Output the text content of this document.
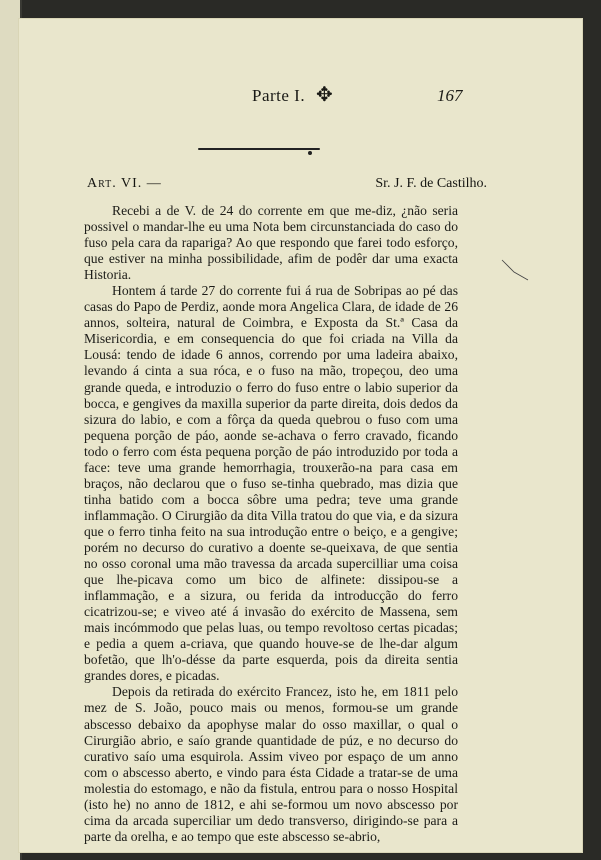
Parte I. ✥	167
Art. VI. —	Sr. J. F. de Castilho.

Recebi a de V. de 24 do corrente em que me-diz, ¿não seria possivel o mandar-lhe eu uma Nota bem circunstanciada do caso do fuso pela cara da rapariga? Ao que respondo que farei todo esforço, que estiver na minha possibilidade, afim de podêr dar uma exacta Historia.

Hontem á tarde 27 do corrente fui á rua de Sobripas ao pé das casas do Papo de Perdiz, aonde mora Angelica Clara, de idade de 26 annos, solteira, natural de Coimbra, e Exposta da St.ª Casa da Misericordia, e em consequencia do que foi criada na Villa da Lousá: tendo de idade 6 annos, correndo por uma ladeira abaixo, levando á cinta a sua róca, e o fuso na mão, tropeçou, deo uma grande queda, e introduzio o ferro do fuso entre o labio superior da bocca, e gengives da maxilla superior da parte direita, dois dedos da sizura do labio, e com a fôrça da queda quebrou o fuso com uma pequena porção de páo, aonde se-achava o ferro cravado, ficando todo o ferro com ésta pequena porção de páo introduzido por toda a face: teve uma grande hemorrhagia, trouxerão-na para casa em braços, não declarou que o fuso se-tinha quebrado, mas dizia que tinha batido com a bocca sôbre uma pedra; teve uma grande inflammação. O Cirurgião da dita Villa tratou do que via, e da sizura que o ferro tinha feito na sua introdução entre o beiço, e a gengive; porém no decurso do curativo a doente se-queixava, de que sentia no osso coronal uma mão travessa da arcada supercilliar uma coisa que lhe-picava como um bico de alfinete: dissipou-se a inflammação, e a sizura, ou ferida da introducção do ferro cicatrizou-se; e viveo até á invasão do exército de Massena, sem mais incómmodo que pelas luas, ou tempo revoltoso certas picadas; e pedia a quem a-criava, que quando houve-se de lhe-dar algum bofetão, que lh'o-désse da parte esquerda, pois da direita sentia grandes dores, e picadas.

Depois da retirada do exército Francez, isto he, em 1811 pelo mez de S. João, pouco mais ou menos, formou-se um grande abscesso debaixo da apophyse malar do osso maxillar, o qual o Cirurgião abrio, e saío grande quantidade de púz, e no decurso do curativo saío uma esquirola. Assim viveo por espaço de um anno com o abscesso aberto, e vindo para ésta Cidade a tratar-se de uma molestia do estomago, e não da fistula, entrou para o nosso Hospital (isto he) no anno de 1812, e ahi se-formou um novo abscesso por cima da arcada superciliar um dedo transverso, dirigindo-se para a parte da orelha, e ao tempo que este abscesso se-abrio,
